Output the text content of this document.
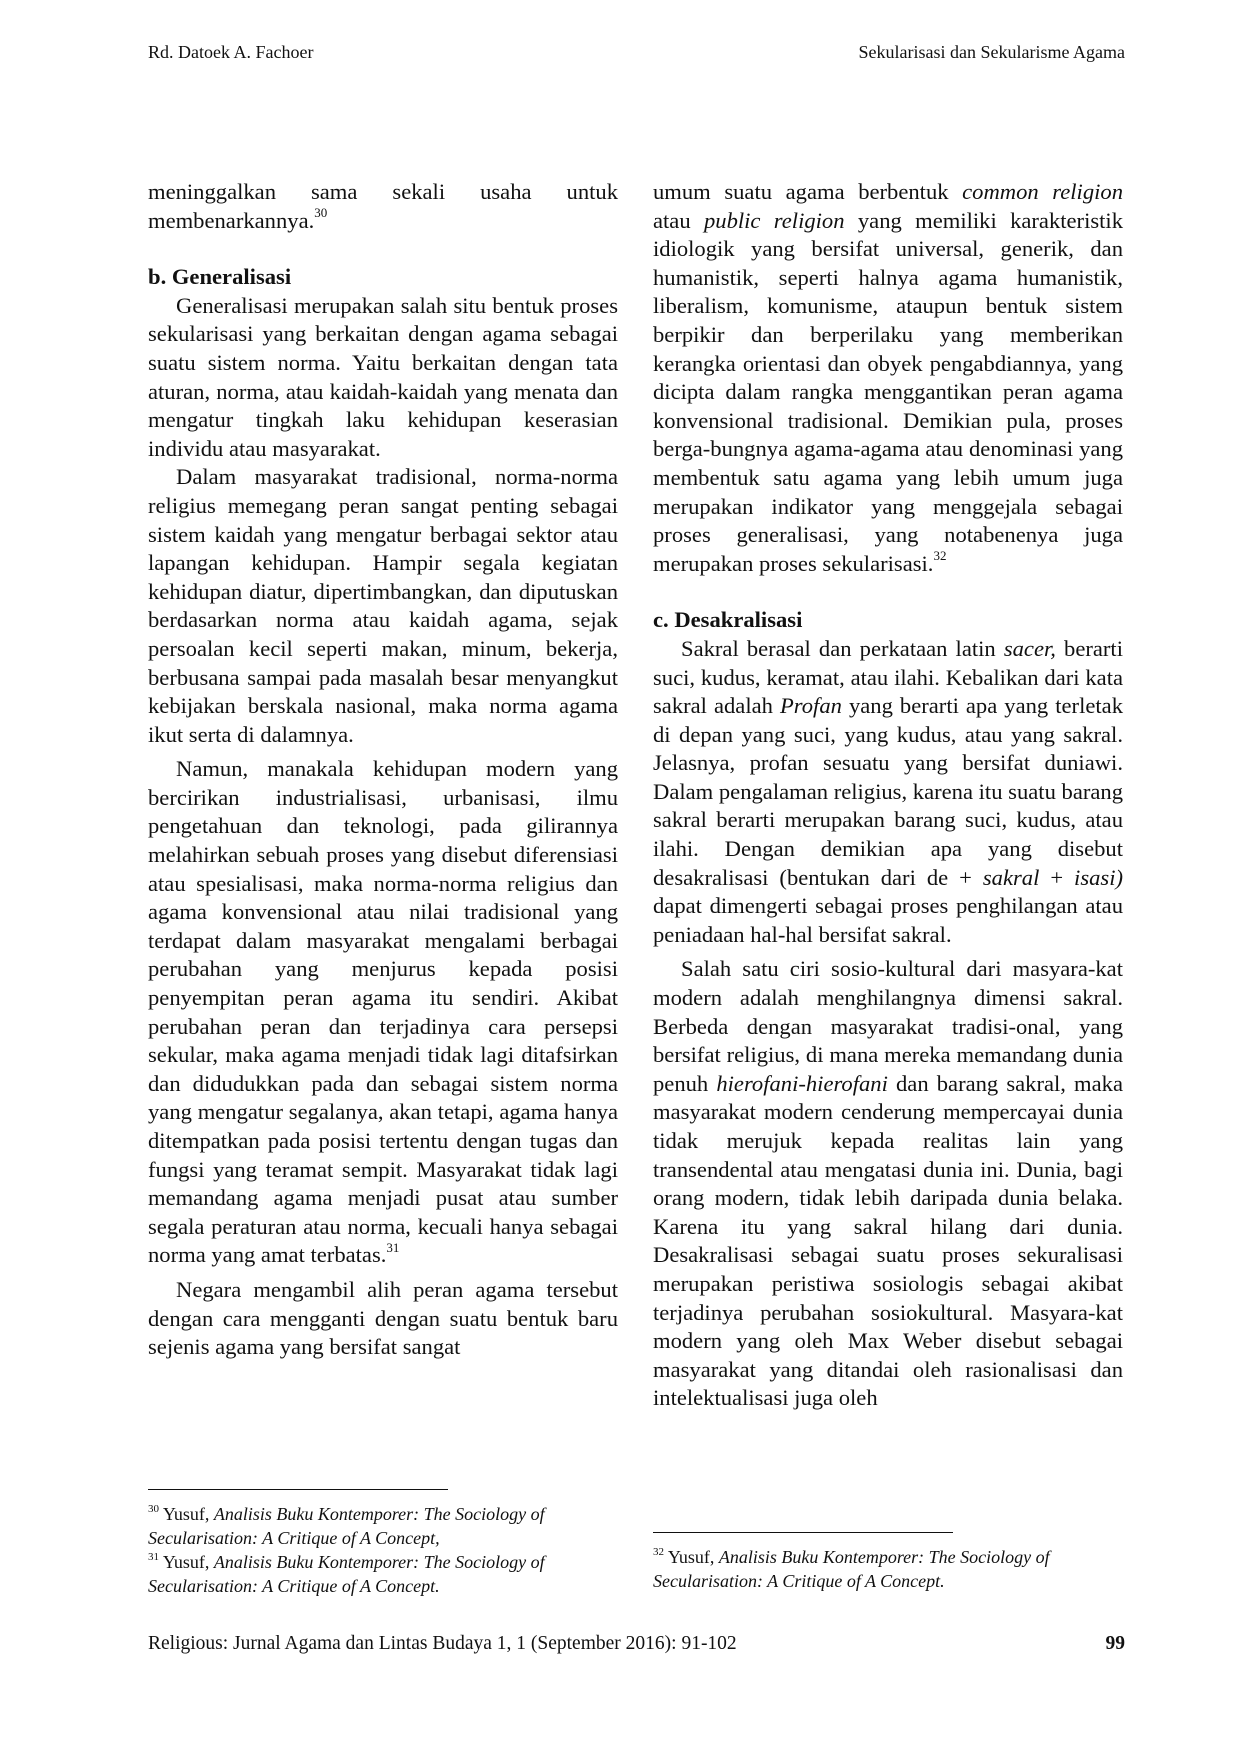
Rd. Datoek A. Fachoer	Sekularisasi dan Sekularisme Agama

meninggalkan sama sekali usaha untuk membenarkannya.$^{30}$

b. Generalisasi

Generalisasi merupakan salah situ bentuk proses sekularisasi yang berkaitan dengan agama sebagai suatu sistem norma. Yaitu berkaitan dengan tata aturan, norma, atau kaidah-kaidah yang menata dan mengatur tingkah laku kehidupan keserasian individu atau masyarakat.

Dalam masyarakat tradisional, norma-norma religius memegang peran sangat penting sebagai sistem kaidah yang mengatur berbagai sektor atau lapangan kehidupan. Hampir segala kegiatan kehidupan diatur, dipertimbangkan, dan diputuskan berdasarkan norma atau kaidah agama, sejak persoalan kecil seperti makan, minum, bekerja, berbusana sampai pada masalah besar menyangkut kebijakan berskala nasional, maka norma agama ikut serta di dalamnya.

Namun, manakala kehidupan modern yang bercirikan industrialisasi, urbanisasi, ilmu pengetahuan dan teknologi, pada gilirannya melahirkan sebuah proses yang disebut diferensiasi atau spesialisasi, maka norma-norma religius dan agama konvensional atau nilai tradisional yang terdapat dalam masyarakat mengalami berbagai perubahan yang menjurus kepada posisi penyempitan peran agama itu sendiri. Akibat perubahan peran dan terjadinya cara persepsi sekular, maka agama menjadi tidak lagi ditafsirkan dan didudukkan pada dan sebagai sistem norma yang mengatur segalanya, akan tetapi, agama hanya ditempatkan pada posisi tertentu dengan tugas dan fungsi yang teramat sempit. Masyarakat tidak lagi memandang agama menjadi pusat atau sumber segala peraturan atau norma, kecuali hanya sebagai norma yang amat terbatas.$^{31}$

Negara mengambil alih peran agama tersebut dengan cara mengganti dengan suatu bentuk baru sejenis agama yang bersifat sangat

$^{30}$ Yusuf, Analisis Buku Kontemporer: The Sociology of Secularisation: A Critique of A Concept,

$^{31}$ Yusuf, Analisis Buku Kontemporer: The Sociology of Secularisation: A Critique of A Concept.

umum suatu agama berbentuk common religion atau public religion yang memiliki karakteristik idiologik yang bersifat universal, generik, dan humanistik, seperti halnya agama humanistik, liberalism, komunisme, ataupun bentuk sistem berpikir dan berperilaku yang memberikan kerangka orientasi dan obyek pengabdiannya, yang dicipta dalam rangka menggantikan peran agama konvensional tradisional. Demikian pula, proses berga-bungnya agama-agama atau denominasi yang membentuk satu agama yang lebih umum juga merupakan indikator yang menggejala sebagai proses generalisasi, yang notabenenya juga merupakan proses sekularisasi.$^{32}$

c. Desakralisasi

Sakral berasal dan perkataan latin sacer, berarti suci, kudus, keramat, atau ilahi. Kebalikan dari kata sakral adalah Profan yang berarti apa yang terletak di depan yang suci, yang kudus, atau yang sakral. Jelasnya, profan sesuatu yang bersifat duniawi. Dalam pengalaman religius, karena itu suatu barang sakral berarti merupakan barang suci, kudus, atau ilahi. Dengan demikian apa yang disebut desakralisasi (bentukan dari de + sakral + isasi) dapat dimengerti sebagai proses penghilangan atau peniadaan hal-hal bersifat sakral.

Salah satu ciri sosio-kultural dari masyara-kat modern adalah menghilangnya dimensi sakral. Berbeda dengan masyarakat tradisi-onal, yang bersifat religius, di mana mereka memandang dunia penuh hierofani-hierofani dan barang sakral, maka masyarakat modern cenderung mempercayai dunia tidak merujuk kepada realitas lain yang transendental atau mengatasi dunia ini. Dunia, bagi orang modern, tidak lebih daripada dunia belaka. Karena itu yang sakral hilang dari dunia. Desakralisasi sebagai suatu proses sekuralisasi merupakan peristiwa sosiologis sebagai akibat terjadinya perubahan sosiokultural. Masyara-kat modern yang oleh Max Weber disebut sebagai masyarakat yang ditandai oleh rasionalisasi dan intelektualisasi juga oleh

$^{32}$ Yusuf, Analisis Buku Kontemporer: The Sociology of Secularisation: A Critique of A Concept.

Religious: Jurnal Agama dan Lintas Budaya 1, 1 (September 2016): 91-102	99
